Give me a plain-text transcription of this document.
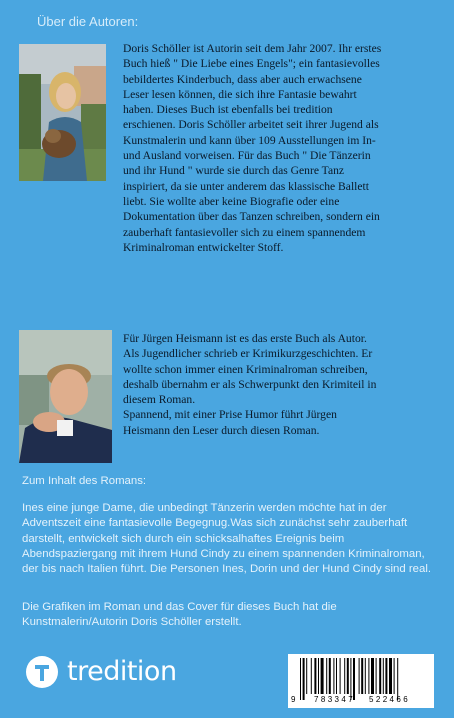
Über die Autoren:

Doris Schöller ist Autorin seit dem Jahr 2007. Ihr erstes Buch hieß " Die Liebe eines Engels"; ein fantasievolles bebildertes Kinderbuch, dass aber auch erwachsene Leser lesen können, die sich ihre Fantasie bewahrt haben. Dieses Buch ist ebenfalls bei tredition erschienen. Doris Schöller arbeitet seit ihrer Jugend als Kunstmalerin und kann über 109 Ausstellungen im In-und Ausland vorweisen. Für das Buch " Die Tänzerin und ihr Hund " wurde sie durch das Genre Tanz inspiriert, da sie unter anderem das klassische Ballett liebt. Sie wollte aber keine Biografie oder eine Dokumentation über das Tanzen schreiben, sondern ein zauberhaft fantasievoller sich zu einem spannendem Kriminalroman entwickelter Stoff.

Für Jürgen Heismann ist es das erste Buch als Autor. Als Jugendlicher schrieb er Krimikurzgeschichten. Er wollte schon immer einen Kriminalroman schreiben, deshalb übernahm er als Schwerpunkt den Krimiteil in diesem Roman.

Spannend, mit einer Prise Humor führt Jürgen Heismann den Leser durch diesen Roman.

Zum Inhalt des Romans:

Ines eine junge Dame, die unbedingt Tänzerin werden möchte hat in der Adventszeit eine fantasievolle Begegnug.Was sich zunächst sehr zauberhaft darstellt, entwickelt sich durch ein schicksalhaftes Ereignis beim Abendspaziergang mit ihrem Hund Cindy zu einem spannenden Kriminalroman, der bis nach Italien führt. Die Personen Ines, Dorin und der Hund Cindy sind real.

Die Grafiken im Roman und das Cover für dieses Buch hat die Kunstmalerin/Autorin Doris Schöller erstellt.

tredition
9 783347 522466
